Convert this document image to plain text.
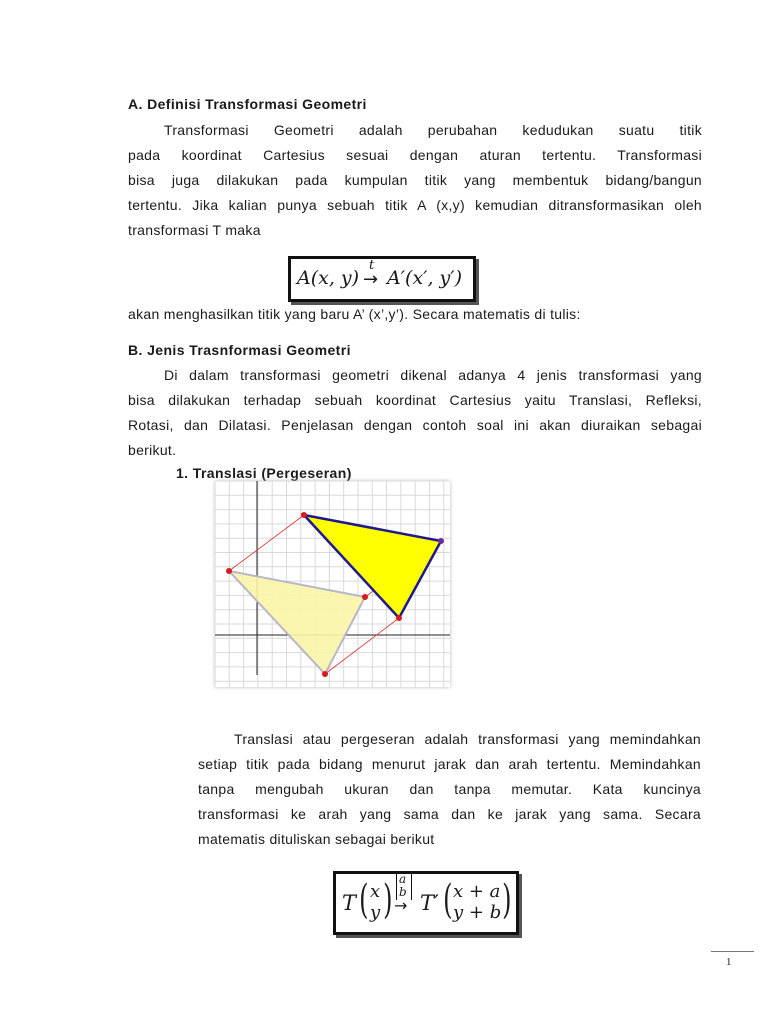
A. Definisi Transformasi Geometri
Transformasi Geometri adalah perubahan kedudukan suatu titik
pada koordinat Cartesius sesuai dengan aturan tertentu. Transformasi
bisa juga dilakukan pada kumpulan titik yang membentuk bidang/bangun
tertentu. Jika kalian punya sebuah titik A (x,y) kemudian ditransformasikan oleh
transformasi T maka
A(x, y)
t
→ A′(x′, y′)
akan menghasilkan titik yang baru A’ (x’,y’). Secara matematis di tulis:
B. Jenis Trasnformasi Geometri
Di dalam transformasi geometri dikenal adanya 4 jenis transformasi yang
bisa dilakukan terhadap sebuah koordinat Cartesius yaitu Translasi, Refleksi,
Rotasi, dan Dilatasi. Penjelasan dengan contoh soal ini akan diuraikan sebagai
berikut.
1. Translasi (Pergeseran)
Translasi atau pergeseran adalah transformasi yang memindahkan
setiap titik pada bidang menurut jarak dan arah tertentu. Memindahkan
tanpa mengubah ukuran dan tanpa memutar. Kata kuncinya
transformasi ke arah yang sama dan ke jarak yang sama. Secara
matematis dituliskan sebagai berikut
T ( x
y ) a
b
→ T′ ( x + a
y + b )
1
